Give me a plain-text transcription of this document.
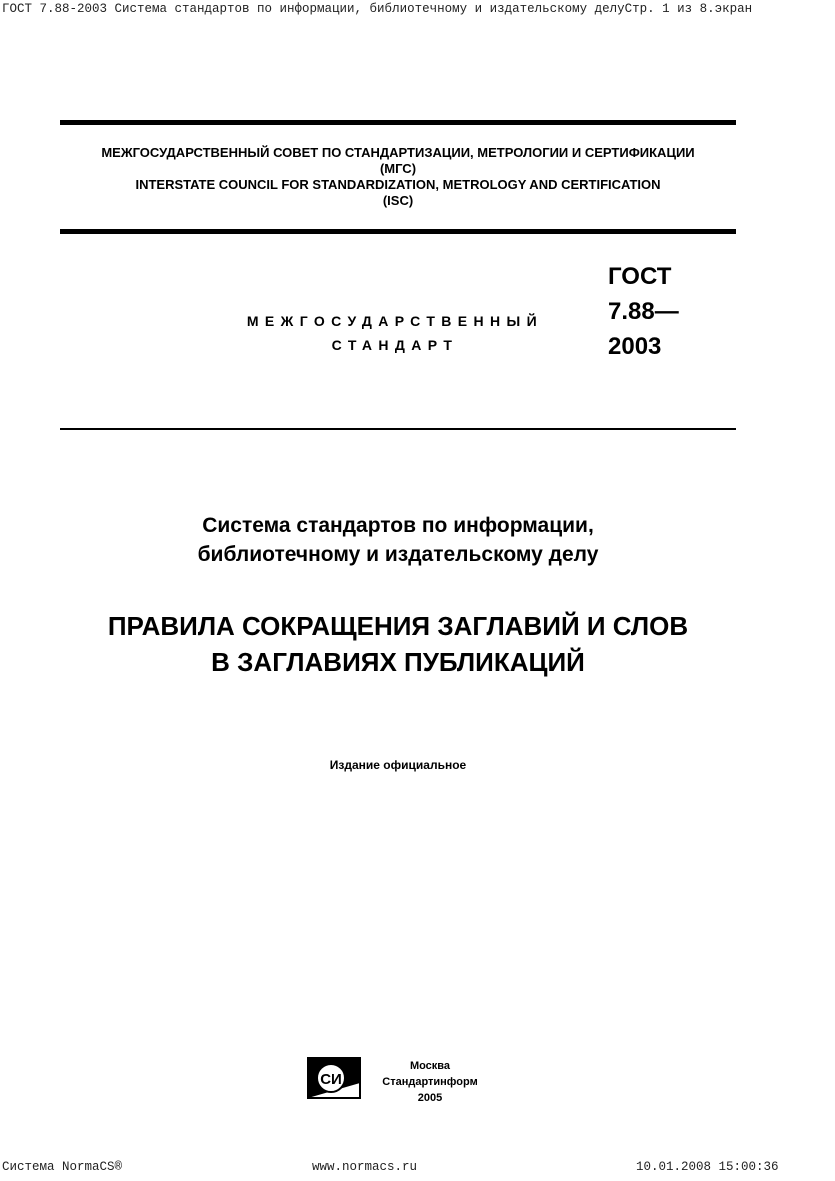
ГОСТ 7.88-2003 Система стандартов по информации, библиотечному и издательскому делуСтр. 1 из 8.экран
МЕЖГОСУДАРСТВЕННЫЙ СОВЕТ ПО СТАНДАРТИЗАЦИИ, МЕТРОЛОГИИ И СЕРТИФИКАЦИИ
(МГС)
INTERSTATE COUNCIL FOR STANDARDIZATION, METROLOGY AND CERTIFICATION
(ISC)
МЕЖГОСУДАРСТВЕННЫЙ
СТАНДАРТ
ГОСТ
7.88—
2003
Система стандартов по информации,
библиотечному и издательскому делу
ПРАВИЛА СОКРАЩЕНИЯ ЗАГЛАВИЙ И СЛОВ
В ЗАГЛАВИЯХ ПУБЛИКАЦИЙ
Издание официальное
СИ
Москва
Стандартинформ
2005
Система NormaCS®	www.normacs.ru	10.01.2008 15:00:36
